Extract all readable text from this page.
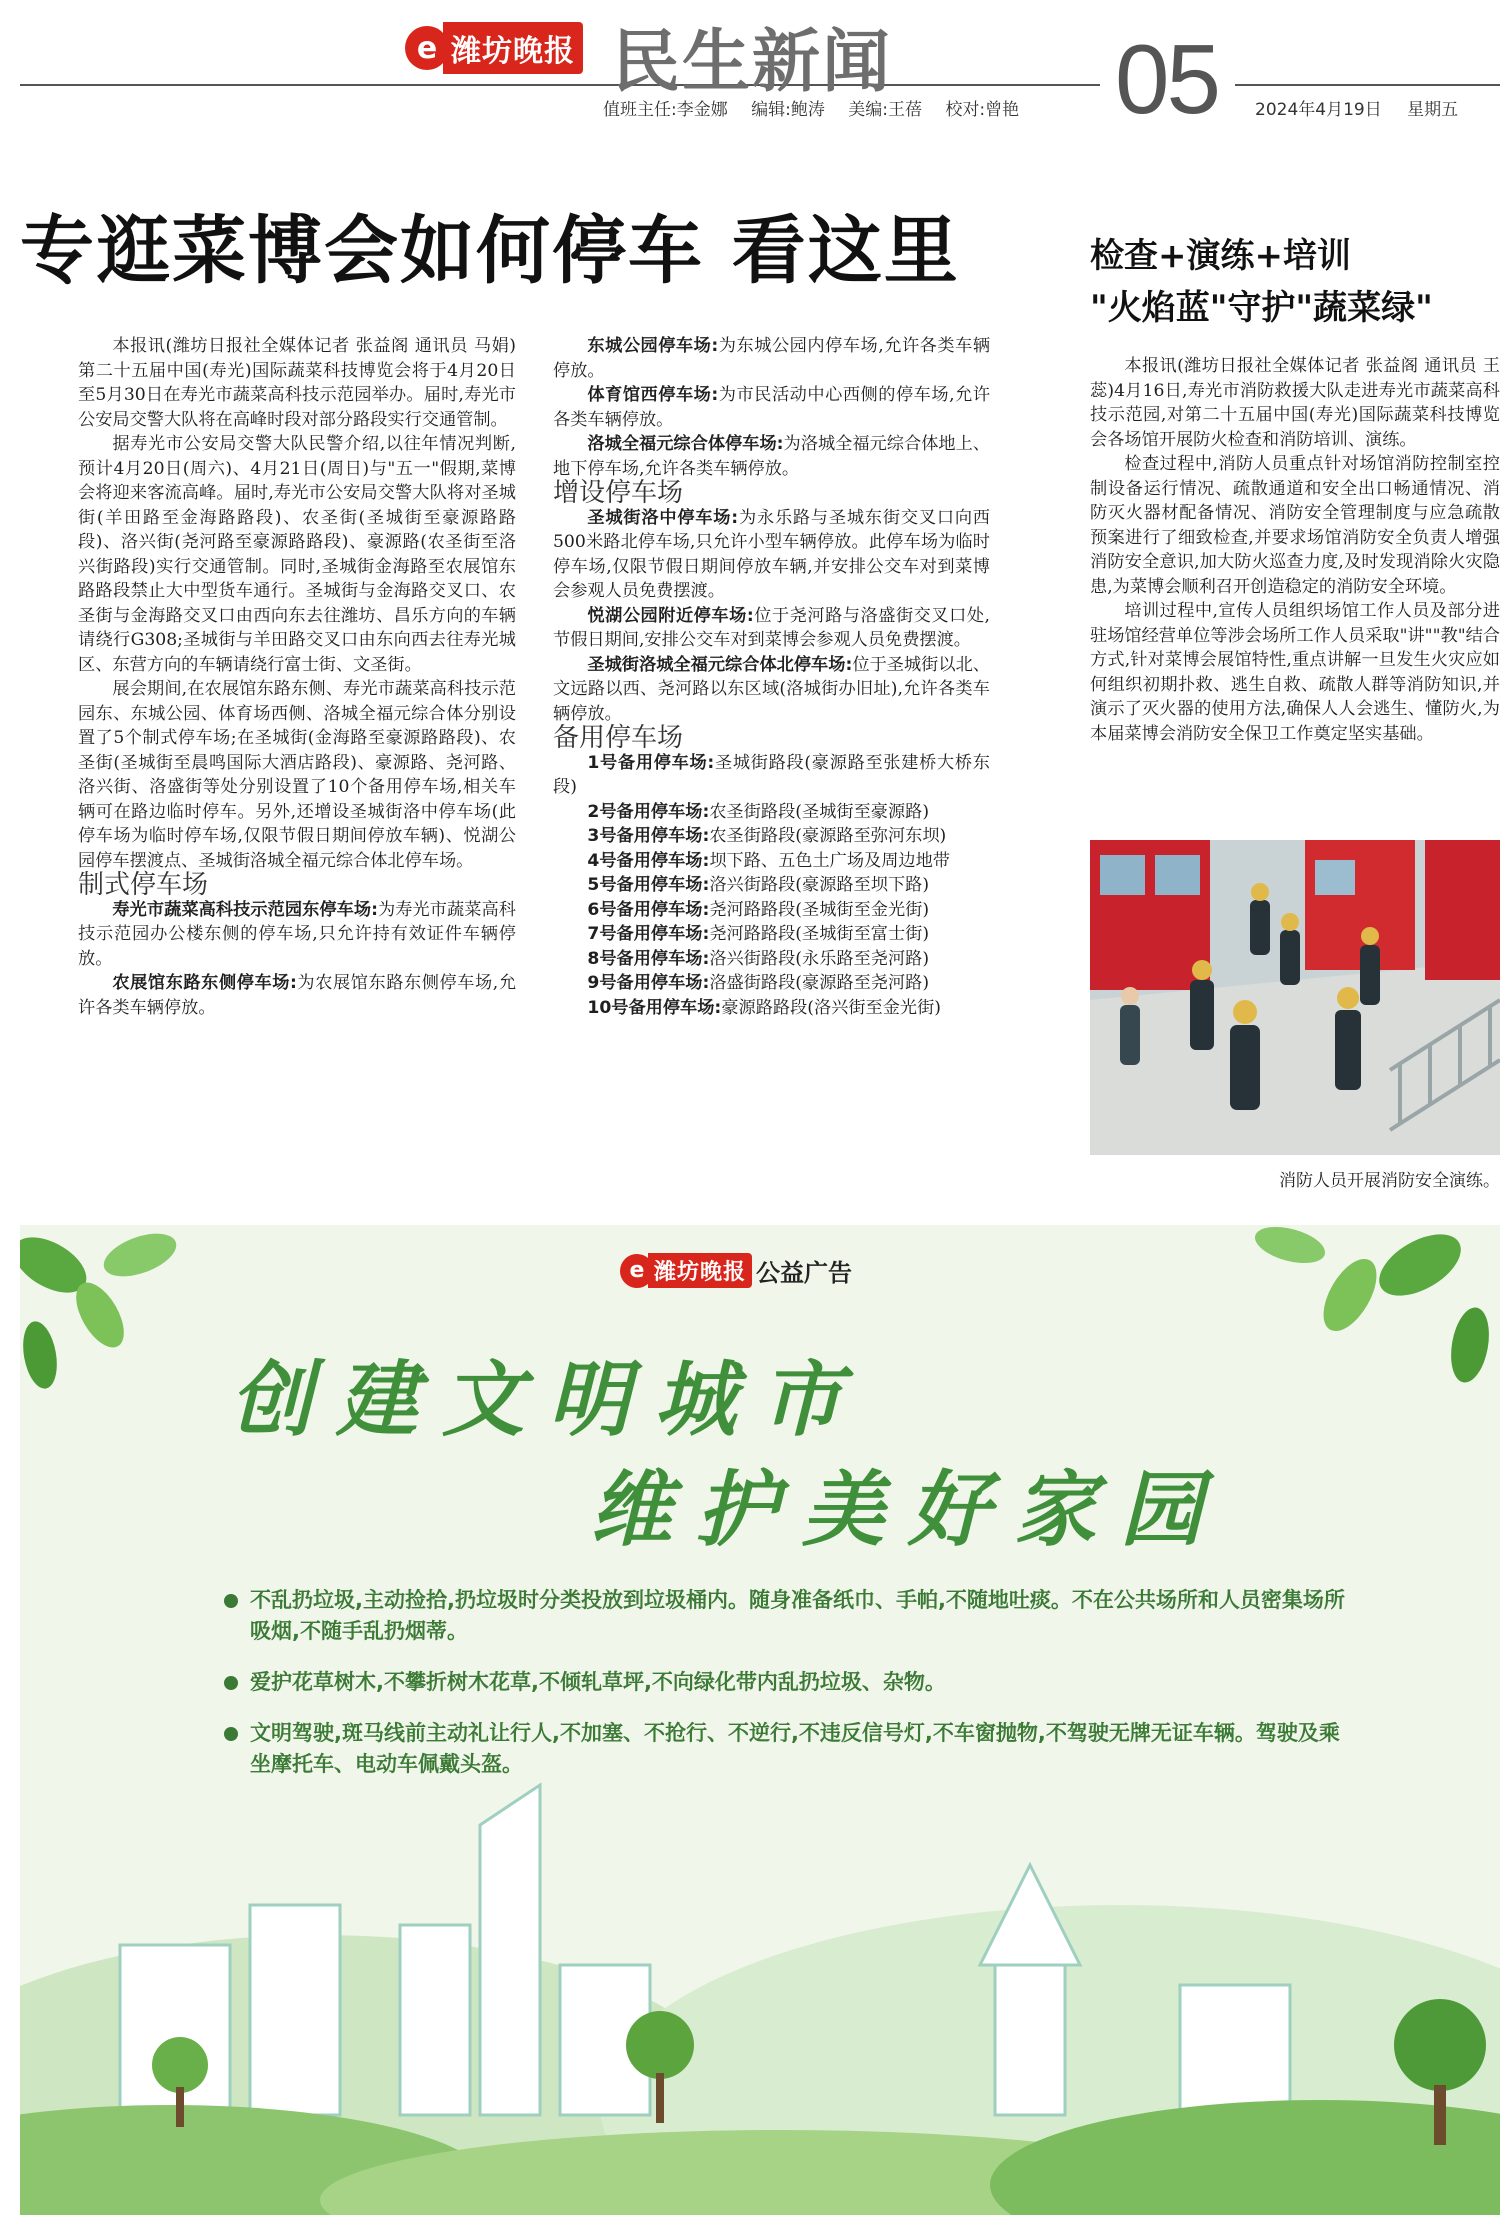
e 潍坊晚报 民生新闻 05
值班主任:李金娜 编辑:鲍涛 美编:王蓓 校对:曾艳	2024年4月19日 星期五
专逛菜博会如何停车 看这里

本报讯(潍坊日报社全媒体记者 张益阁 通讯员 马娟)第二十五届中国(寿光)国际蔬菜科技博览会将于4月20日至5月30日在寿光市蔬菜高科技示范园举办。届时,寿光市公安局交警大队将在高峰时段对部分路段实行交通管制。

据寿光市公安局交警大队民警介绍,以往年情况判断,预计4月20日(周六)、4月21日(周日)与"五一"假期,菜博会将迎来客流高峰。届时,寿光市公安局交警大队将对圣城街(羊田路至金海路路段)、农圣街(圣城街至豪源路路段)、洛兴街(尧河路至豪源路路段)、豪源路(农圣街至洛兴街路段)实行交通管制。同时,圣城街金海路至农展馆东路路段禁止大中型货车通行。圣城街与金海路交叉口、农圣街与金海路交叉口由西向东去往潍坊、昌乐方向的车辆请绕行G308;圣城街与羊田路交叉口由东向西去往寿光城区、东营方向的车辆请绕行富士街、文圣街。

展会期间,在农展馆东路东侧、寿光市蔬菜高科技示范园东、东城公园、体育场西侧、洛城全福元综合体分别设置了5个制式停车场;在圣城街(金海路至豪源路路段)、农圣街(圣城街至晨鸣国际大酒店路段)、豪源路、尧河路、洛兴街、洛盛街等处分别设置了10个备用停车场,相关车辆可在路边临时停车。另外,还增设圣城街洛中停车场(此停车场为临时停车场,仅限节假日期间停放车辆)、悦湖公园停车摆渡点、圣城街洛城全福元综合体北停车场。

制式停车场

寿光市蔬菜高科技示范园东停车场:为寿光市蔬菜高科技示范园办公楼东侧的停车场,只允许持有效证件车辆停放。

农展馆东路东侧停车场:为农展馆东路东侧停车场,允许各类车辆停放。

东城公园停车场:为东城公园内停车场,允许各类车辆停放。

体育馆西停车场:为市民活动中心西侧的停车场,允许各类车辆停放。

洛城全福元综合体停车场:为洛城全福元综合体地上、地下停车场,允许各类车辆停放。

增设停车场

圣城街洛中停车场:为永乐路与圣城东街交叉口向西500米路北停车场,只允许小型车辆停放。此停车场为临时停车场,仅限节假日期间停放车辆,并安排公交车对到菜博会参观人员免费摆渡。

悦湖公园附近停车场:位于尧河路与洛盛街交叉口处,节假日期间,安排公交车对到菜博会参观人员免费摆渡。

圣城街洛城全福元综合体北停车场:位于圣城街以北、文远路以西、尧河路以东区域(洛城街办旧址),允许各类车辆停放。

备用停车场

1号备用停车场:圣城街路段(豪源路至张建桥大桥东段)

2号备用停车场:农圣街路段(圣城街至豪源路)

3号备用停车场:农圣街路段(豪源路至弥河东坝)

4号备用停车场:坝下路、五色土广场及周边地带

5号备用停车场:洛兴街路段(豪源路至坝下路)

6号备用停车场:尧河路路段(圣城街至金光街)

7号备用停车场:尧河路路段(圣城街至富士街)

8号备用停车场:洛兴街路段(永乐路至尧河路)

9号备用停车场:洛盛街路段(豪源路至尧河路)

10号备用停车场:豪源路路段(洛兴街至金光街)

检查+演练+培训
"火焰蓝"守护"蔬菜绿"

本报讯(潍坊日报社全媒体记者 张益阁 通讯员 王蕊)4月16日,寿光市消防救援大队走进寿光市蔬菜高科技示范园,对第二十五届中国(寿光)国际蔬菜科技博览会各场馆开展防火检查和消防培训、演练。

检查过程中,消防人员重点针对场馆消防控制室控制设备运行情况、疏散通道和安全出口畅通情况、消防灭火器材配备情况、消防安全管理制度与应急疏散预案进行了细致检查,并要求场馆消防安全负责人增强消防安全意识,加大防火巡查力度,及时发现消除火灾隐患,为菜博会顺利召开创造稳定的消防安全环境。

培训过程中,宣传人员组织场馆工作人员及部分进驻场馆经营单位等涉会场所工作人员采取"讲""教"结合方式,针对菜博会展馆特性,重点讲解一旦发生火灾应如何组织初期扑救、逃生自救、疏散人群等消防知识,并演示了灭火器的使用方法,确保人人会逃生、懂防火,为本届菜博会消防安全保卫工作奠定坚实基础。

消防人员开展消防安全演练。
e 潍坊晚报 公益广告
创建文明城市
维护美好家园
不乱扔垃圾,主动捡拾,扔垃圾时分类投放到垃圾桶内。随身准备纸巾、手帕,不随地吐痰。不在公共场所和人员密集场所吸烟,不随手乱扔烟蒂。
爱护花草树木,不攀折树木花草,不倾轧草坪,不向绿化带内乱扔垃圾、杂物。
文明驾驶,斑马线前主动礼让行人,不加塞、不抢行、不逆行,不违反信号灯,不车窗抛物,不驾驶无牌无证车辆。驾驶及乘坐摩托车、电动车佩戴头盔。
